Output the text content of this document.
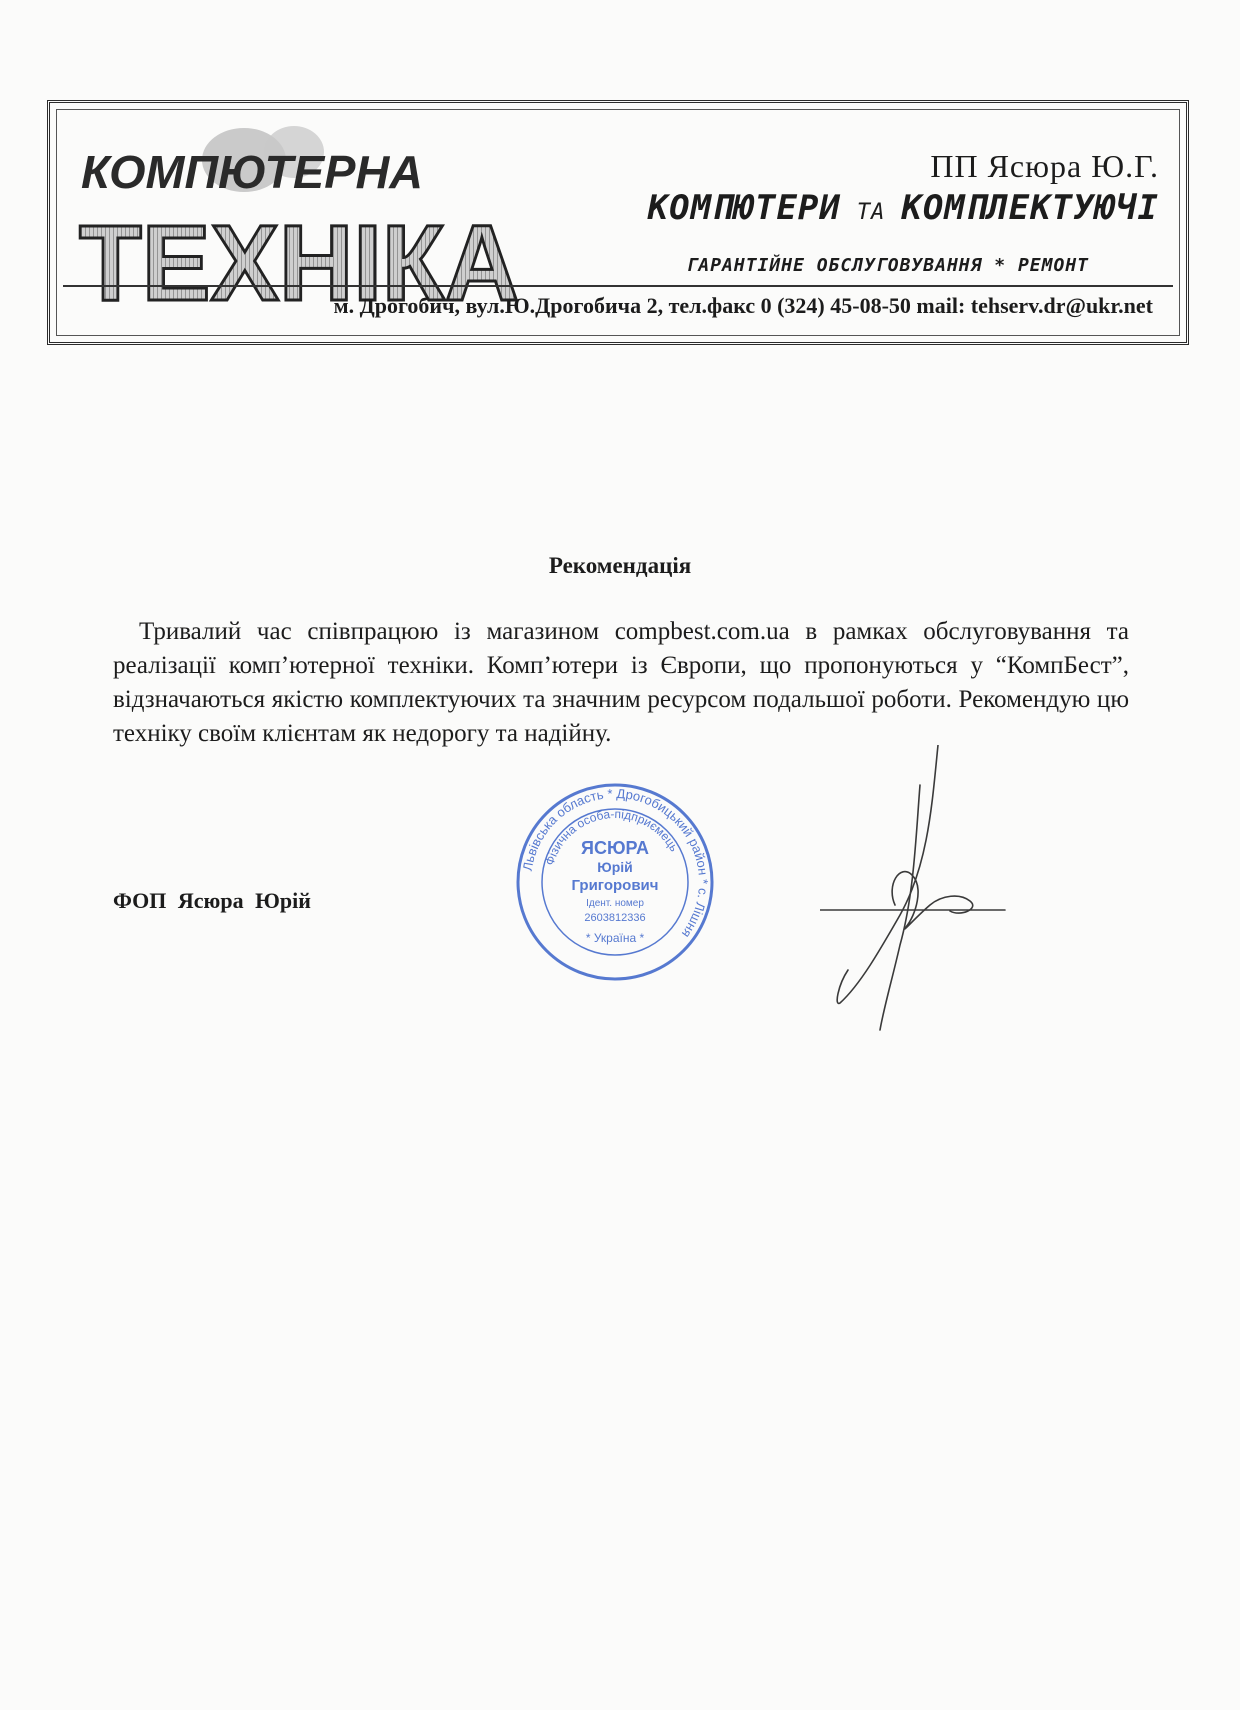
КОМПЮТЕРНА
ТЕХНІКА
ПП Ясюра Ю.Г.
КОМПЮТЕРИ ТА КОМПЛЕКТУЮЧІ
ГАРАНТІЙНЕ ОБСЛУГОВУВАННЯ * РЕМОНТ
м. Дрогобич, вул.Ю.Дрогобича 2, тел.факс 0 (324) 45-08-50 mail: tehserv.dr@ukr.net
Рекомендація

Тривалий час співпрацюю із магазином compbest.com.ua в рамках обслуговування та реалізації комп’ютерної техніки. Комп’ютери із Європи, що пропонуються у “КомпБест”, відзначаються якістю комплектуючих та значним ресурсом подальшої роботи. Рекомендую цю техніку своїм клієнтам як недорогу та надійну.

ФОП Ясюра Юрій
Львівська область * Дрогобицький район * с. Лішня
Фізична особа-підприємець
ЯСЮРА
Юрій
Григорович
Ідент. номер
2603812336
* Україна *
